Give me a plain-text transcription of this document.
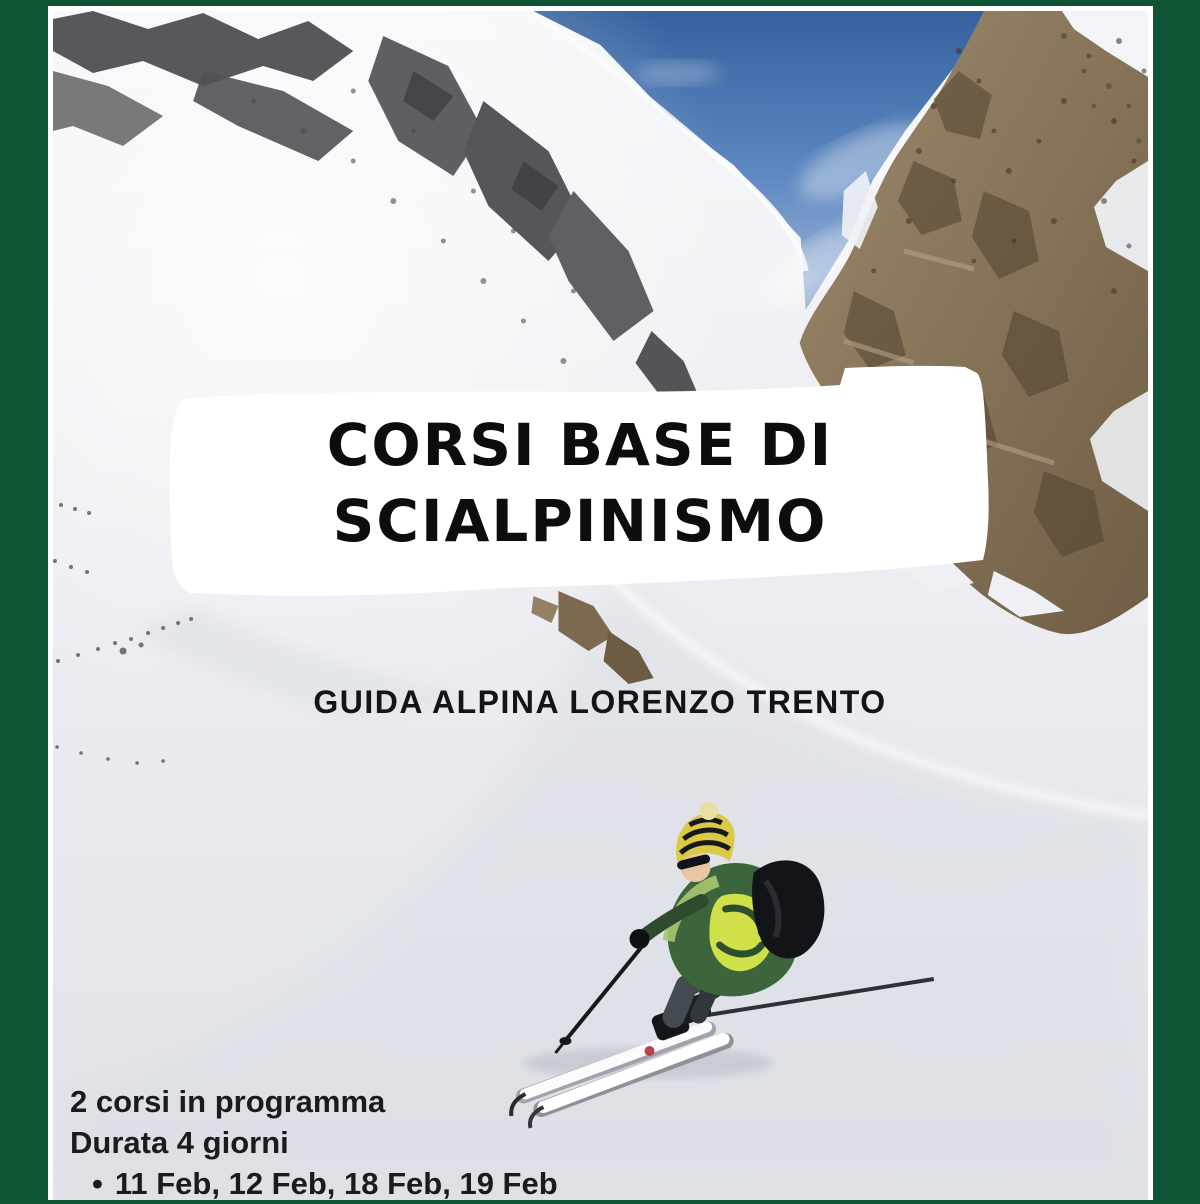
CORSI BASE DI
SCIALPINISMO
GUIDA ALPINA LORENZO TRENTO
2 corsi in programma
Durata 4 giorni
• 11 Feb, 12 Feb, 18 Feb, 19 Feb
